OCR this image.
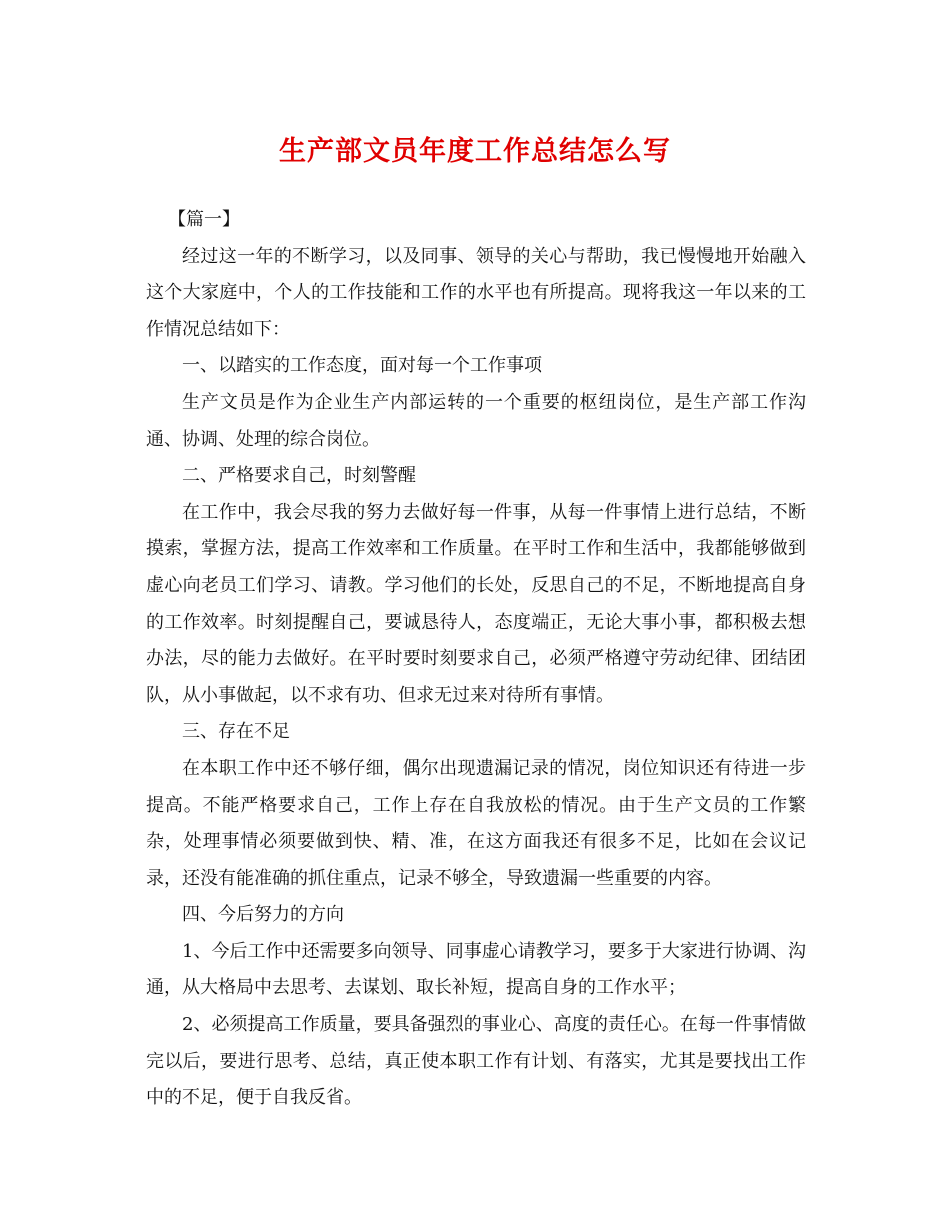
生产部文员年度工作总结怎么写

【篇一】

经过这一年的不断学习，以及同事、领导的关心与帮助，我已慢慢地开始融入这个大家庭中，个人的工作技能和工作的水平也有所提高。现将我这一年以来的工作情况总结如下：

一、以踏实的工作态度，面对每一个工作事项

生产文员是作为企业生产内部运转的一个重要的枢纽岗位，是生产部工作沟通、协调、处理的综合岗位。

二、严格要求自己，时刻警醒

在工作中，我会尽我的努力去做好每一件事，从每一件事情上进行总结，不断摸索，掌握方法，提高工作效率和工作质量。在平时工作和生活中，我都能够做到虚心向老员工们学习、请教。学习他们的长处，反思自己的不足，不断地提高自身的工作效率。时刻提醒自己，要诚恳待人，态度端正，无论大事小事，都积极去想办法，尽的能力去做好。在平时要时刻要求自己，必须严格遵守劳动纪律、团结团队，从小事做起，以不求有功、但求无过来对待所有事情。

三、存在不足

在本职工作中还不够仔细，偶尔出现遗漏记录的情况，岗位知识还有待进一步提高。不能严格要求自己，工作上存在自我放松的情况。由于生产文员的工作繁杂，处理事情必须要做到快、精、准，在这方面我还有很多不足，比如在会议记录，还没有能准确的抓住重点，记录不够全，导致遗漏一些重要的内容。

四、今后努力的方向

1、今后工作中还需要多向领导、同事虚心请教学习，要多于大家进行协调、沟通，从大格局中去思考、去谋划、取长补短，提高自身的工作水平；

2、必须提高工作质量，要具备强烈的事业心、高度的责任心。在每一件事情做完以后，要进行思考、总结，真正使本职工作有计划、有落实，尤其是要找出工作中的不足，便于自我反省。
